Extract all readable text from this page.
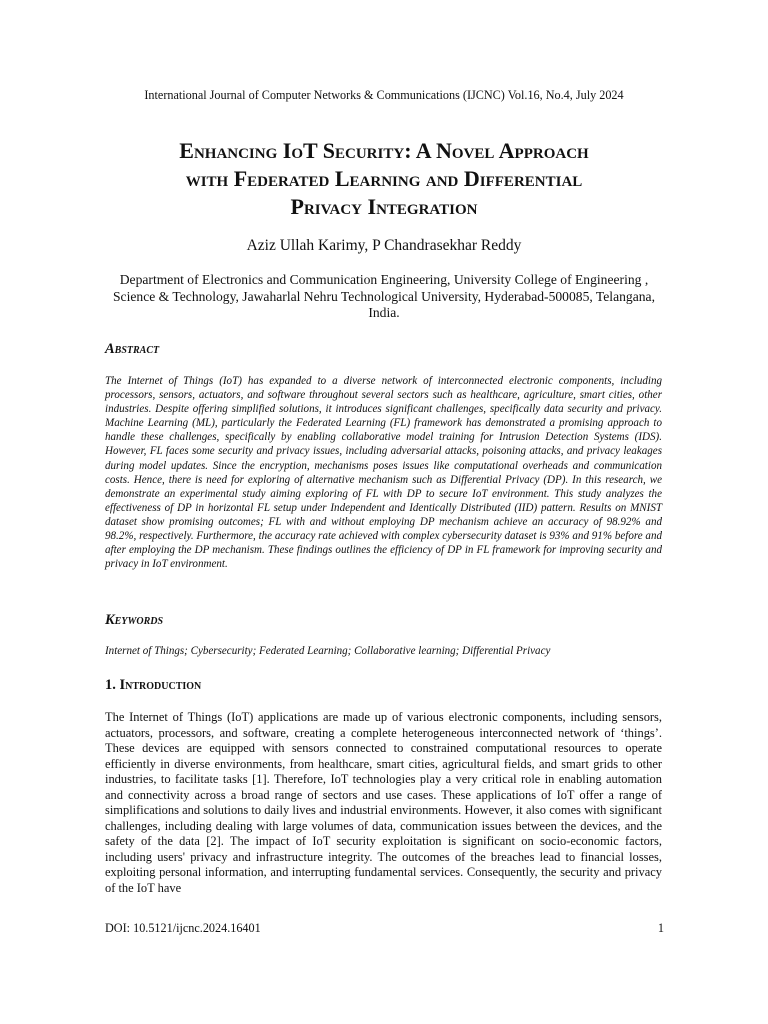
International Journal of Computer Networks & Communications (IJCNC) Vol.16, No.4, July 2024
Enhancing IoT Security: A Novel Approach
with Federated Learning and Differential
Privacy Integration
Aziz Ullah Karimy, P Chandrasekhar Reddy

Department of Electronics and Communication Engineering, University College of Engineering , Science & Technology, Jawaharlal Nehru Technological University, Hyderabad-500085, Telangana, India.

Abstract

The Internet of Things (IoT) has expanded to a diverse network of interconnected electronic components, including processors, sensors, actuators, and software throughout several sectors such as healthcare, agriculture, smart cities, other industries. Despite offering simplified solutions, it introduces significant challenges, specifically data security and privacy. Machine Learning (ML), particularly the Federated Learning (FL) framework has demonstrated a promising approach to handle these challenges, specifically by enabling collaborative model training for Intrusion Detection Systems (IDS). However, FL faces some security and privacy issues, including adversarial attacks, poisoning attacks, and privacy leakages during model updates. Since the encryption, mechanisms poses issues like computational overheads and communication costs. Hence, there is need for exploring of alternative mechanism such as Differential Privacy (DP). In this research, we demonstrate an experimental study aiming exploring of FL with DP to secure IoT environment. This study analyzes the effectiveness of DP in horizontal FL setup under Independent and Identically Distributed (IID) pattern. Results on MNIST dataset show promising outcomes; FL with and without employing DP mechanism achieve an accuracy of 98.92% and 98.2%, respectively. Furthermore, the accuracy rate achieved with complex cybersecurity dataset is 93% and 91% before and after employing the DP mechanism. These findings outlines the efficiency of DP in FL framework for improving security and privacy in IoT environment.

Keywords

Internet of Things; Cybersecurity; Federated Learning; Collaborative learning; Differential Privacy

1. Introduction

The Internet of Things (IoT) applications are made up of various electronic components, including sensors, actuators, processors, and software, creating a complete heterogeneous interconnected network of ‘things’. These devices are equipped with sensors connected to constrained computational resources to operate efficiently in diverse environments, from healthcare, smart cities, agricultural fields, and smart grids to other industries, to facilitate tasks [1]. Therefore, IoT technologies play a very critical role in enabling automation and connectivity across a broad range of sectors and use cases. These applications of IoT offer a range of simplifications and solutions to daily lives and industrial environments. However, it also comes with significant challenges, including dealing with large volumes of data, communication issues between the devices, and the safety of the data [2]. The impact of IoT security exploitation is significant on socio-economic factors, including users' privacy and infrastructure integrity. The outcomes of the breaches lead to financial losses, exploiting personal information, and interrupting fundamental services. Consequently, the security and privacy of the IoT have

DOI: 10.5121/ijcnc.2024.16401	1
